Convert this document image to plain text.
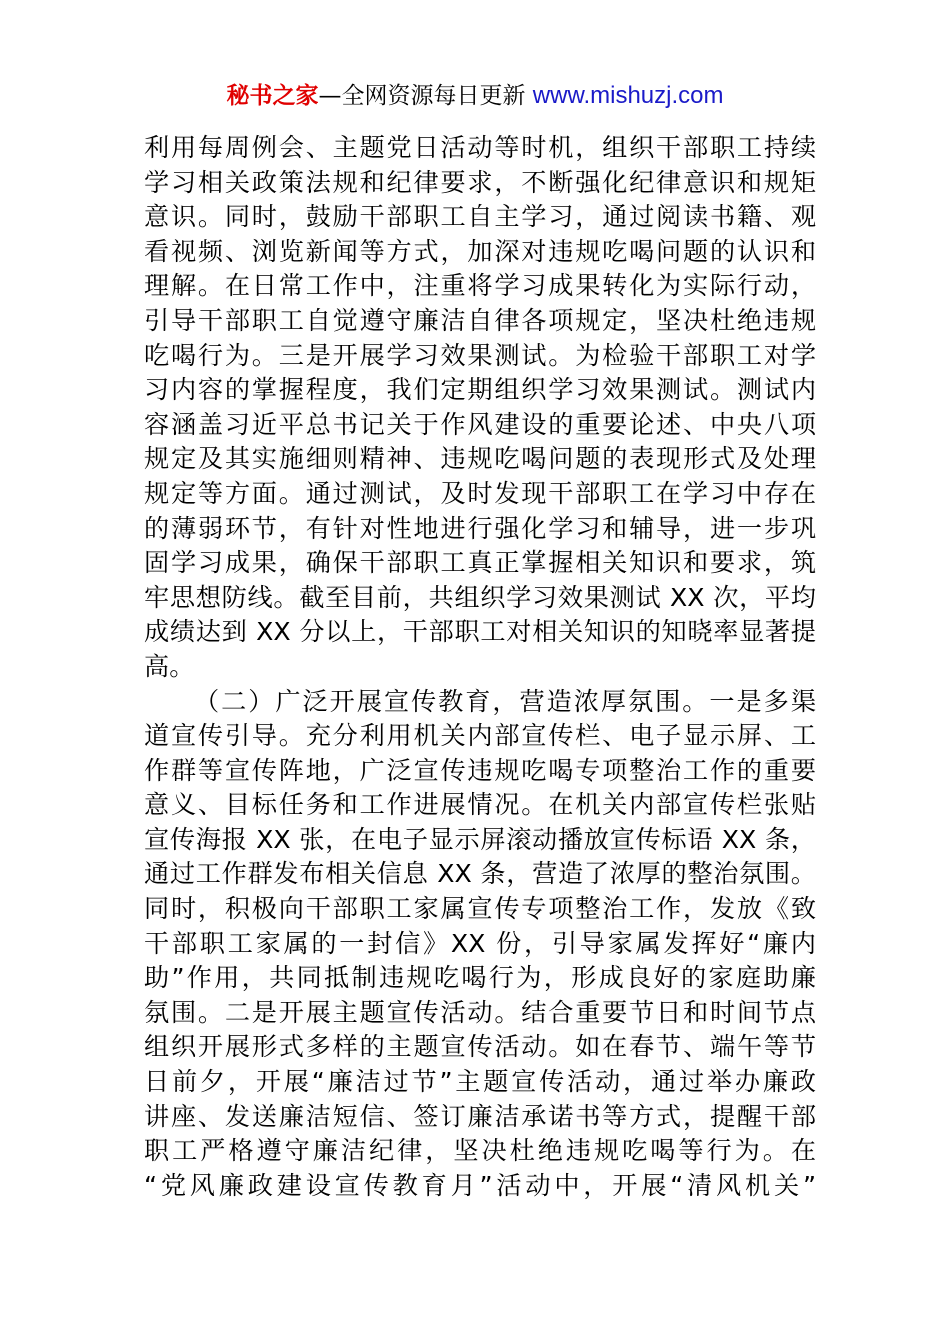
秘书之家—全网资源每日更新 www.mishuzj.com
利用每周例会、主题党日活动等时机，组织干部职工持续
学习相关政策法规和纪律要求，不断强化纪律意识和规矩
意识。同时，鼓励干部职工自主学习，通过阅读书籍、观
看视频、浏览新闻等方式，加深对违规吃喝问题的认识和
理解。在日常工作中，注重将学习成果转化为实际行动，
引导干部职工自觉遵守廉洁自律各项规定，坚决杜绝违规
吃喝行为。三是开展学习效果测试。为检验干部职工对学
习内容的掌握程度，我们定期组织学习效果测试。测试内
容涵盖习近平总书记关于作风建设的重要论述、中央八项
规定及其实施细则精神、违规吃喝问题的表现形式及处理
规定等方面。通过测试，及时发现干部职工在学习中存在
的薄弱环节，有针对性地进行强化学习和辅导，进一步巩
固学习成果，确保干部职工真正掌握相关知识和要求，筑
牢思想防线。截至目前，共组织学习效果测试 XX 次，平均
成绩达到 XX 分以上，干部职工对相关知识的知晓率显著提
高。
（二）广泛开展宣传教育，营造浓厚氛围。一是多渠
道宣传引导。充分利用机关内部宣传栏、电子显示屏、工
作群等宣传阵地，广泛宣传违规吃喝专项整治工作的重要
意义、目标任务和工作进展情况。在机关内部宣传栏张贴
宣传海报 XX 张，在电子显示屏滚动播放宣传标语 XX 条，
通过工作群发布相关信息 XX 条，营造了浓厚的整治氛围。
同时，积极向干部职工家属宣传专项整治工作，发放《致
干部职工家属的一封信》XX 份，引导家属发挥好“廉内
助”作用，共同抵制违规吃喝行为，形成良好的家庭助廉
氛围。二是开展主题宣传活动。结合重要节日和时间节点
组织开展形式多样的主题宣传活动。如在春节、端午等节
日前夕，开展“廉洁过节”主题宣传活动，通过举办廉政
讲座、发送廉洁短信、签订廉洁承诺书等方式，提醒干部
职工严格遵守廉洁纪律，坚决杜绝违规吃喝等行为。在
“党风廉政建设宣传教育月”活动中，开展“清风机关”
